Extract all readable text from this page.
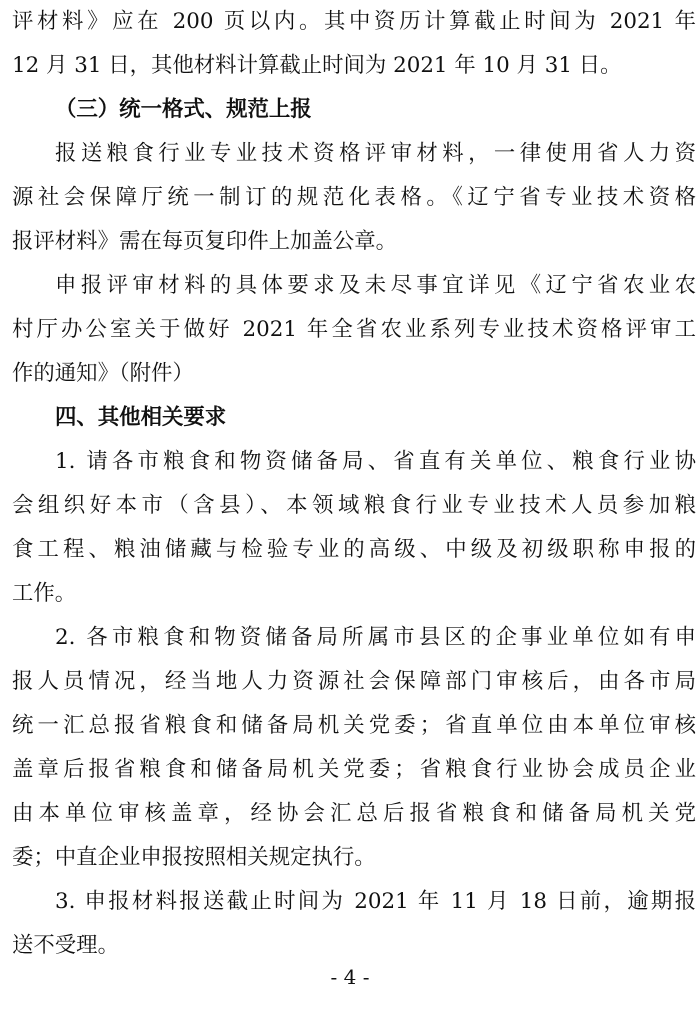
评材料》应在 200 页以内。其中资历计算截止时间为 2021 年
12 月 31 日，其他材料计算截止时间为 2021 年 10 月 31 日。
（三）统一格式、规范上报
报送粮食行业专业技术资格评审材料，一律使用省人力资
源社会保障厅统一制订的规范化表格。《辽宁省专业技术资格
报评材料》需在每页复印件上加盖公章。
申报评审材料的具体要求及未尽事宜详见《辽宁省农业农
村厅办公室关于做好 2021 年全省农业系列专业技术资格评审工
作的通知》（附件）
四、其他相关要求
1. 请各市粮食和物资储备局、省直有关单位、粮食行业协
会组织好本市（含县）、本领域粮食行业专业技术人员参加粮
食工程、粮油储藏与检验专业的高级、中级及初级职称申报的
工作。
2. 各市粮食和物资储备局所属市县区的企事业单位如有申
报人员情况，经当地人力资源社会保障部门审核后，由各市局
统一汇总报省粮食和储备局机关党委；省直单位由本单位审核
盖章后报省粮食和储备局机关党委；省粮食行业协会成员企业
由本单位审核盖章，经协会汇总后报省粮食和储备局机关党
委；中直企业申报按照相关规定执行。
3. 申报材料报送截止时间为 2021 年 11 月 18 日前，逾期报
送不受理。
- 4 -
